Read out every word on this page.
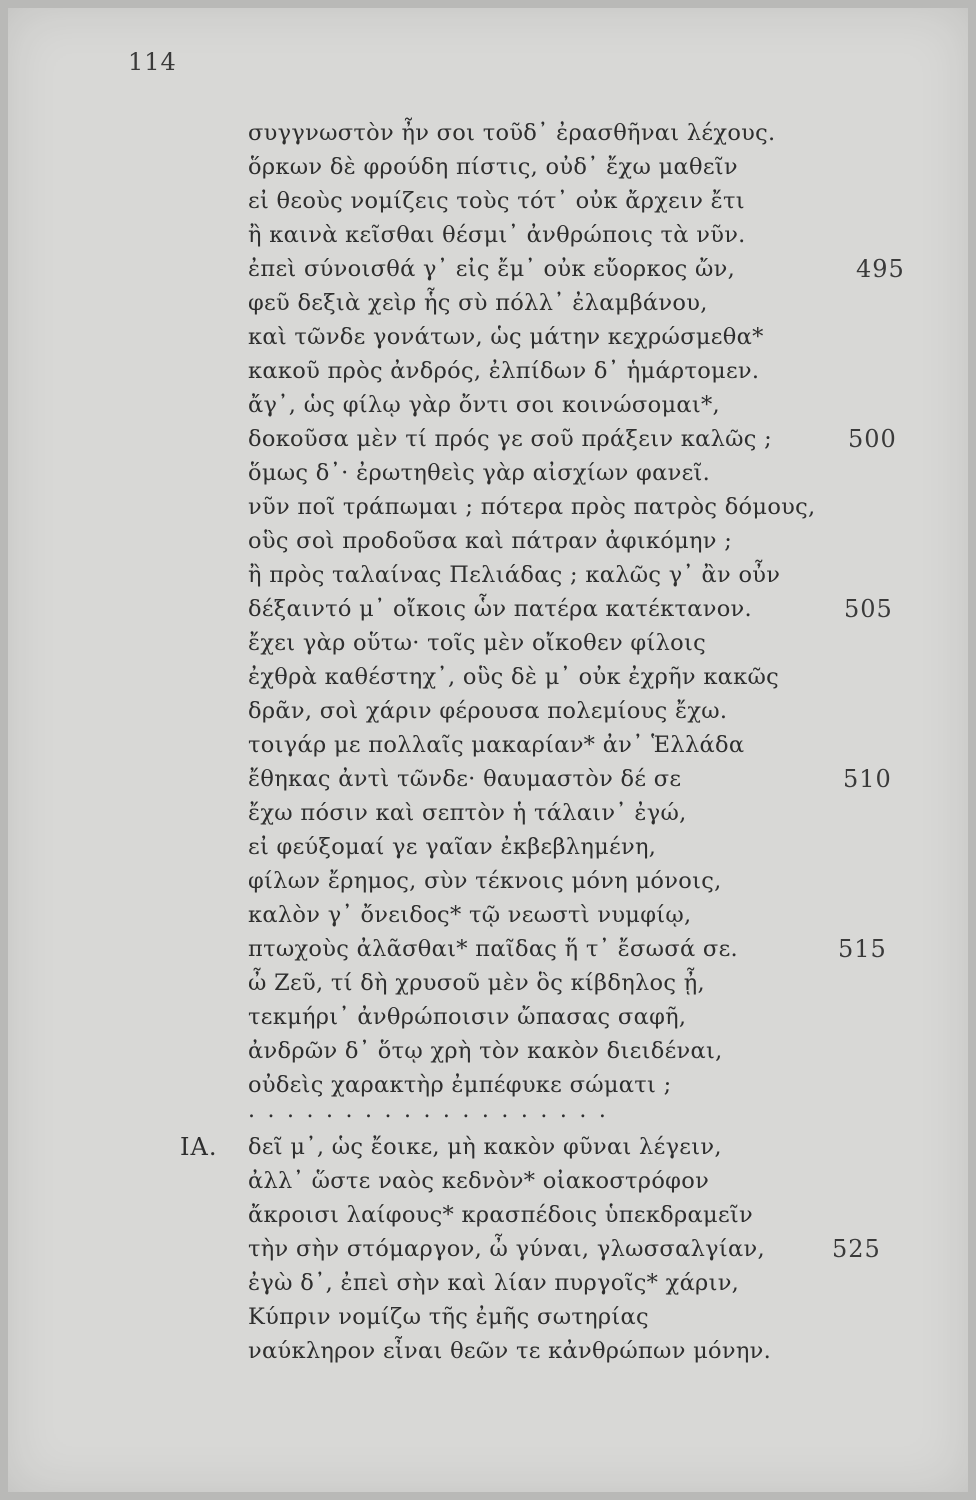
114
συγγνωστὸν ἦν σοι τοῦδ᾽ ἐρασθῆναι λέχους.
ὅρκων δὲ φρούδη πίστις, οὐδ᾽ ἔχω μαθεῖν
εἰ θεοὺς νομίζεις τοὺς τότ᾽ οὐκ ἄρχειν ἔτι
ἢ καινὰ κεῖσθαι θέσμι᾽ ἀνθρώποις τὰ νῦν.
ἐπεὶ σύνοισθά γ᾽ εἰς ἔμ᾽ οὐκ εὔορκος ὤν,
φεῦ δεξιὰ χεὶρ ἧς σὺ πόλλ᾽ ἐλαμβάνου,
καὶ τῶνδε γονάτων, ὡς μάτην κεχρώσμεθα*
κακοῦ πρὸς ἀνδρός, ἐλπίδων δ᾽ ἡμάρτομεν.
ἄγ᾽, ὡς φίλῳ γὰρ ὄντι σοι κοινώσομαι*,
δοκοῦσα μὲν τί πρός γε σοῦ πράξειν καλῶς ;
ὅμως δ᾽· ἐρωτηθεὶς γὰρ αἰσχίων φανεῖ.
νῦν ποῖ τράπωμαι ; πότερα πρὸς πατρὸς δόμους,
οὓς σοὶ προδοῦσα καὶ πάτραν ἀφικόμην ;
ἢ πρὸς ταλαίνας Πελιάδας ; καλῶς γ᾽ ἂν οὖν
δέξαιντό μ᾽ οἴκοις ὧν πατέρα κατέκτανον.
ἔχει γὰρ οὕτω· τοῖς μὲν οἴκοθεν φίλοις
ἐχθρὰ καθέστηχ᾽, οὓς δὲ μ᾽ οὐκ ἐχρῆν κακῶς
δρᾶν, σοὶ χάριν φέρουσα πολεμίους ἔχω.
τοιγάρ με πολλαῖς μακαρίαν* ἀν᾽ Ἑλλάδα
ἔθηκας ἀντὶ τῶνδε· θαυμαστὸν δέ σε
ἔχω πόσιν καὶ σεπτὸν ἡ τάλαιν᾽ ἐγώ,
εἰ φεύξομαί γε γαῖαν ἐκβεβλημένη,
φίλων ἔρημος, σὺν τέκνοις μόνη μόνοις,
καλὸν γ᾽ ὄνειδος* τῷ νεωστὶ νυμφίῳ,
πτωχοὺς ἀλᾶσθαι* παῖδας ἥ τ᾽ ἔσωσά σε.
ὦ Ζεῦ, τί δὴ χρυσοῦ μὲν ὃς κίβδηλος ᾖ,
τεκμήρι᾽ ἀνθρώποισιν ὤπασας σαφῆ,
ἀνδρῶν δ᾽ ὅτῳ χρὴ τὸν κακὸν διειδέναι,
οὐδεὶς χαρακτὴρ ἐμπέφυκε σώματι ;
...................
ΙΑ. δεῖ μ᾽, ὡς ἔοικε, μὴ κακὸν φῦναι λέγειν,
ἀλλ᾽ ὥστε ναὸς κεδνὸν* οἰακοστρόφον
ἄκροισι λαίφους* κρασπέδοις ὑπεκδραμεῖν
τὴν σὴν στόμαργον, ὦ γύναι, γλωσσαλγίαν,
ἐγὼ δ᾽, ἐπεὶ σὴν καὶ λίαν πυργοῖς* χάριν,
Κύπριν νομίζω τῆς ἐμῆς σωτηρίας
ναύκληρον εἶναι θεῶν τε κἀνθρώπων μόνην.
495
500
505
510
515
525
